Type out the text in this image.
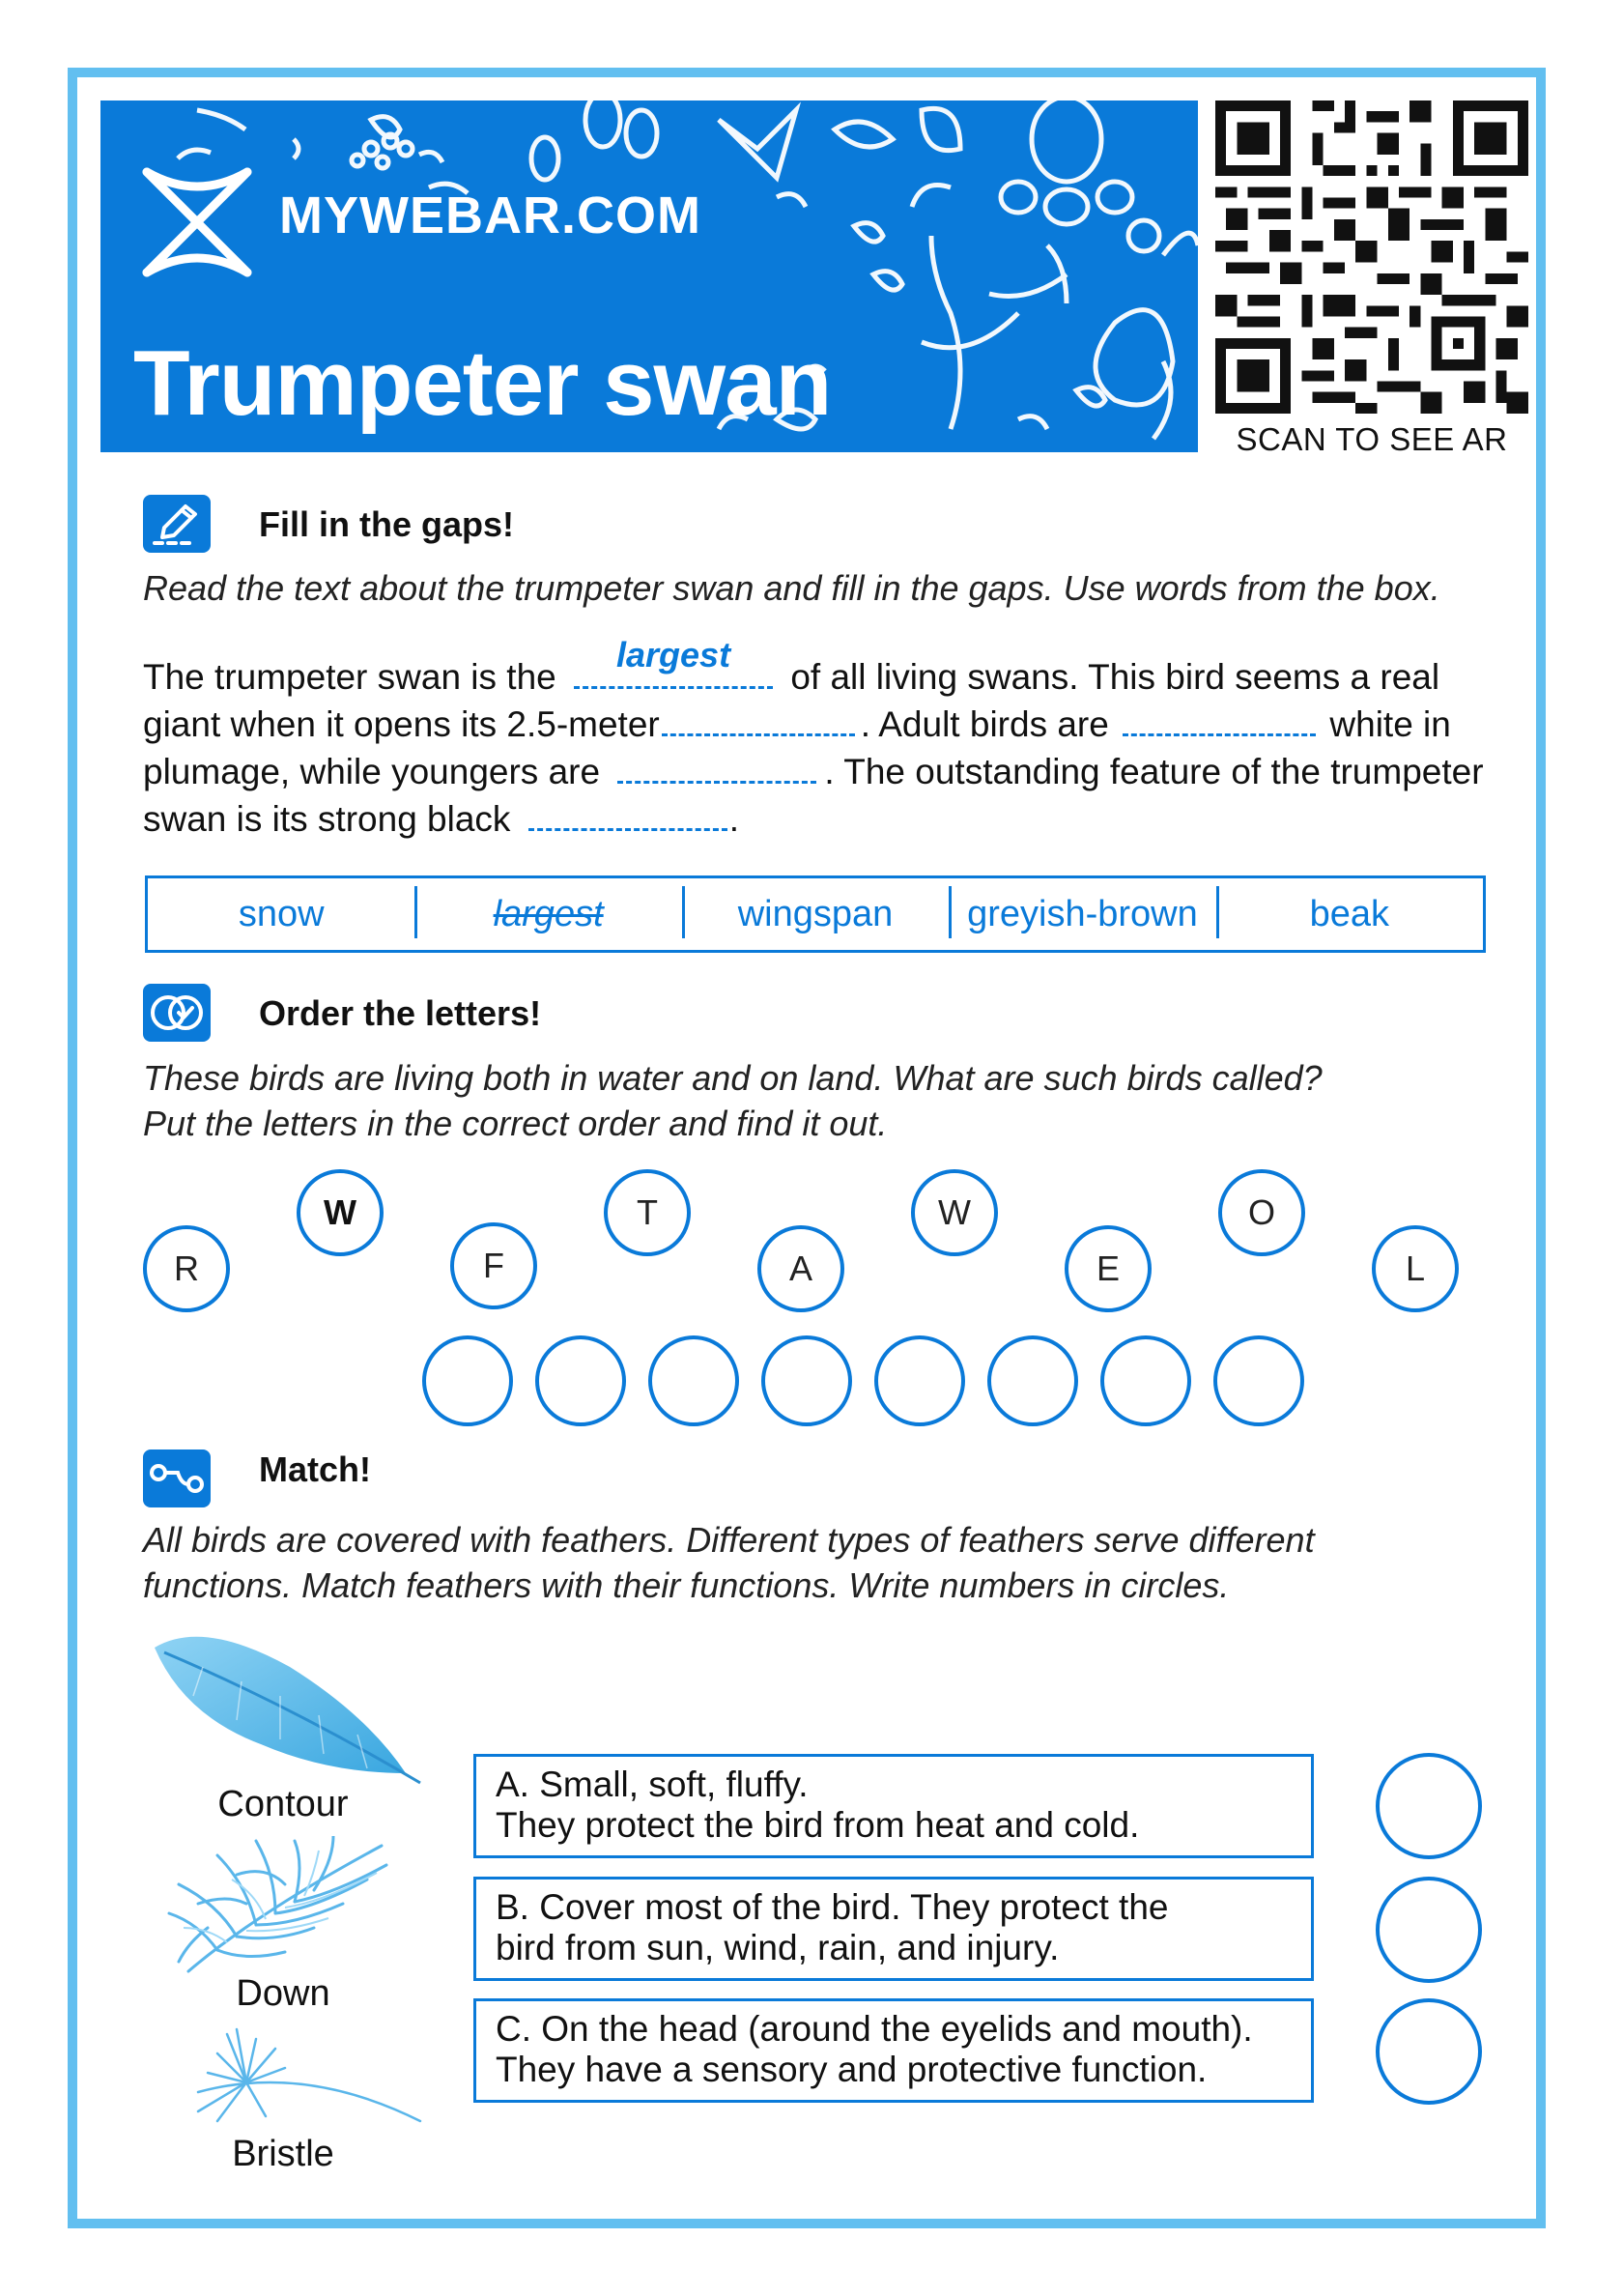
MYWEBAR.COM
Trumpeter swan
SCAN TO SEE AR
Fill in the gaps!
Read the text about the trumpeter swan and fill in the gaps. Use words from the box.
The trumpeter swan is the
largest
of all living swans. This bird seems a real giant when it opens its 2.5-meter	. Adult birds are	white in plumage, while youngers are	. The outstanding feature of the trumpeter swan is its strong black	.
snow	largest	wingspan	greyish-brown	beak
Order the letters!
These birds are living both in water and on land. What are such birds called?
Put the letters in the correct order and find it out.
R
W
F
T
A
W
E
O
L
Match!
All birds are covered with feathers. Different types of feathers serve different
functions. Match feathers with their functions. Write numbers in circles.
Contour
Down
Bristle
A. Small, soft, fluffy.
They protect the bird from heat and cold.
B. Cover most of the bird. They protect the
bird from sun, wind, rain, and injury.
C. On the head (around the eyelids and mouth).
They have a sensory and protective function.
